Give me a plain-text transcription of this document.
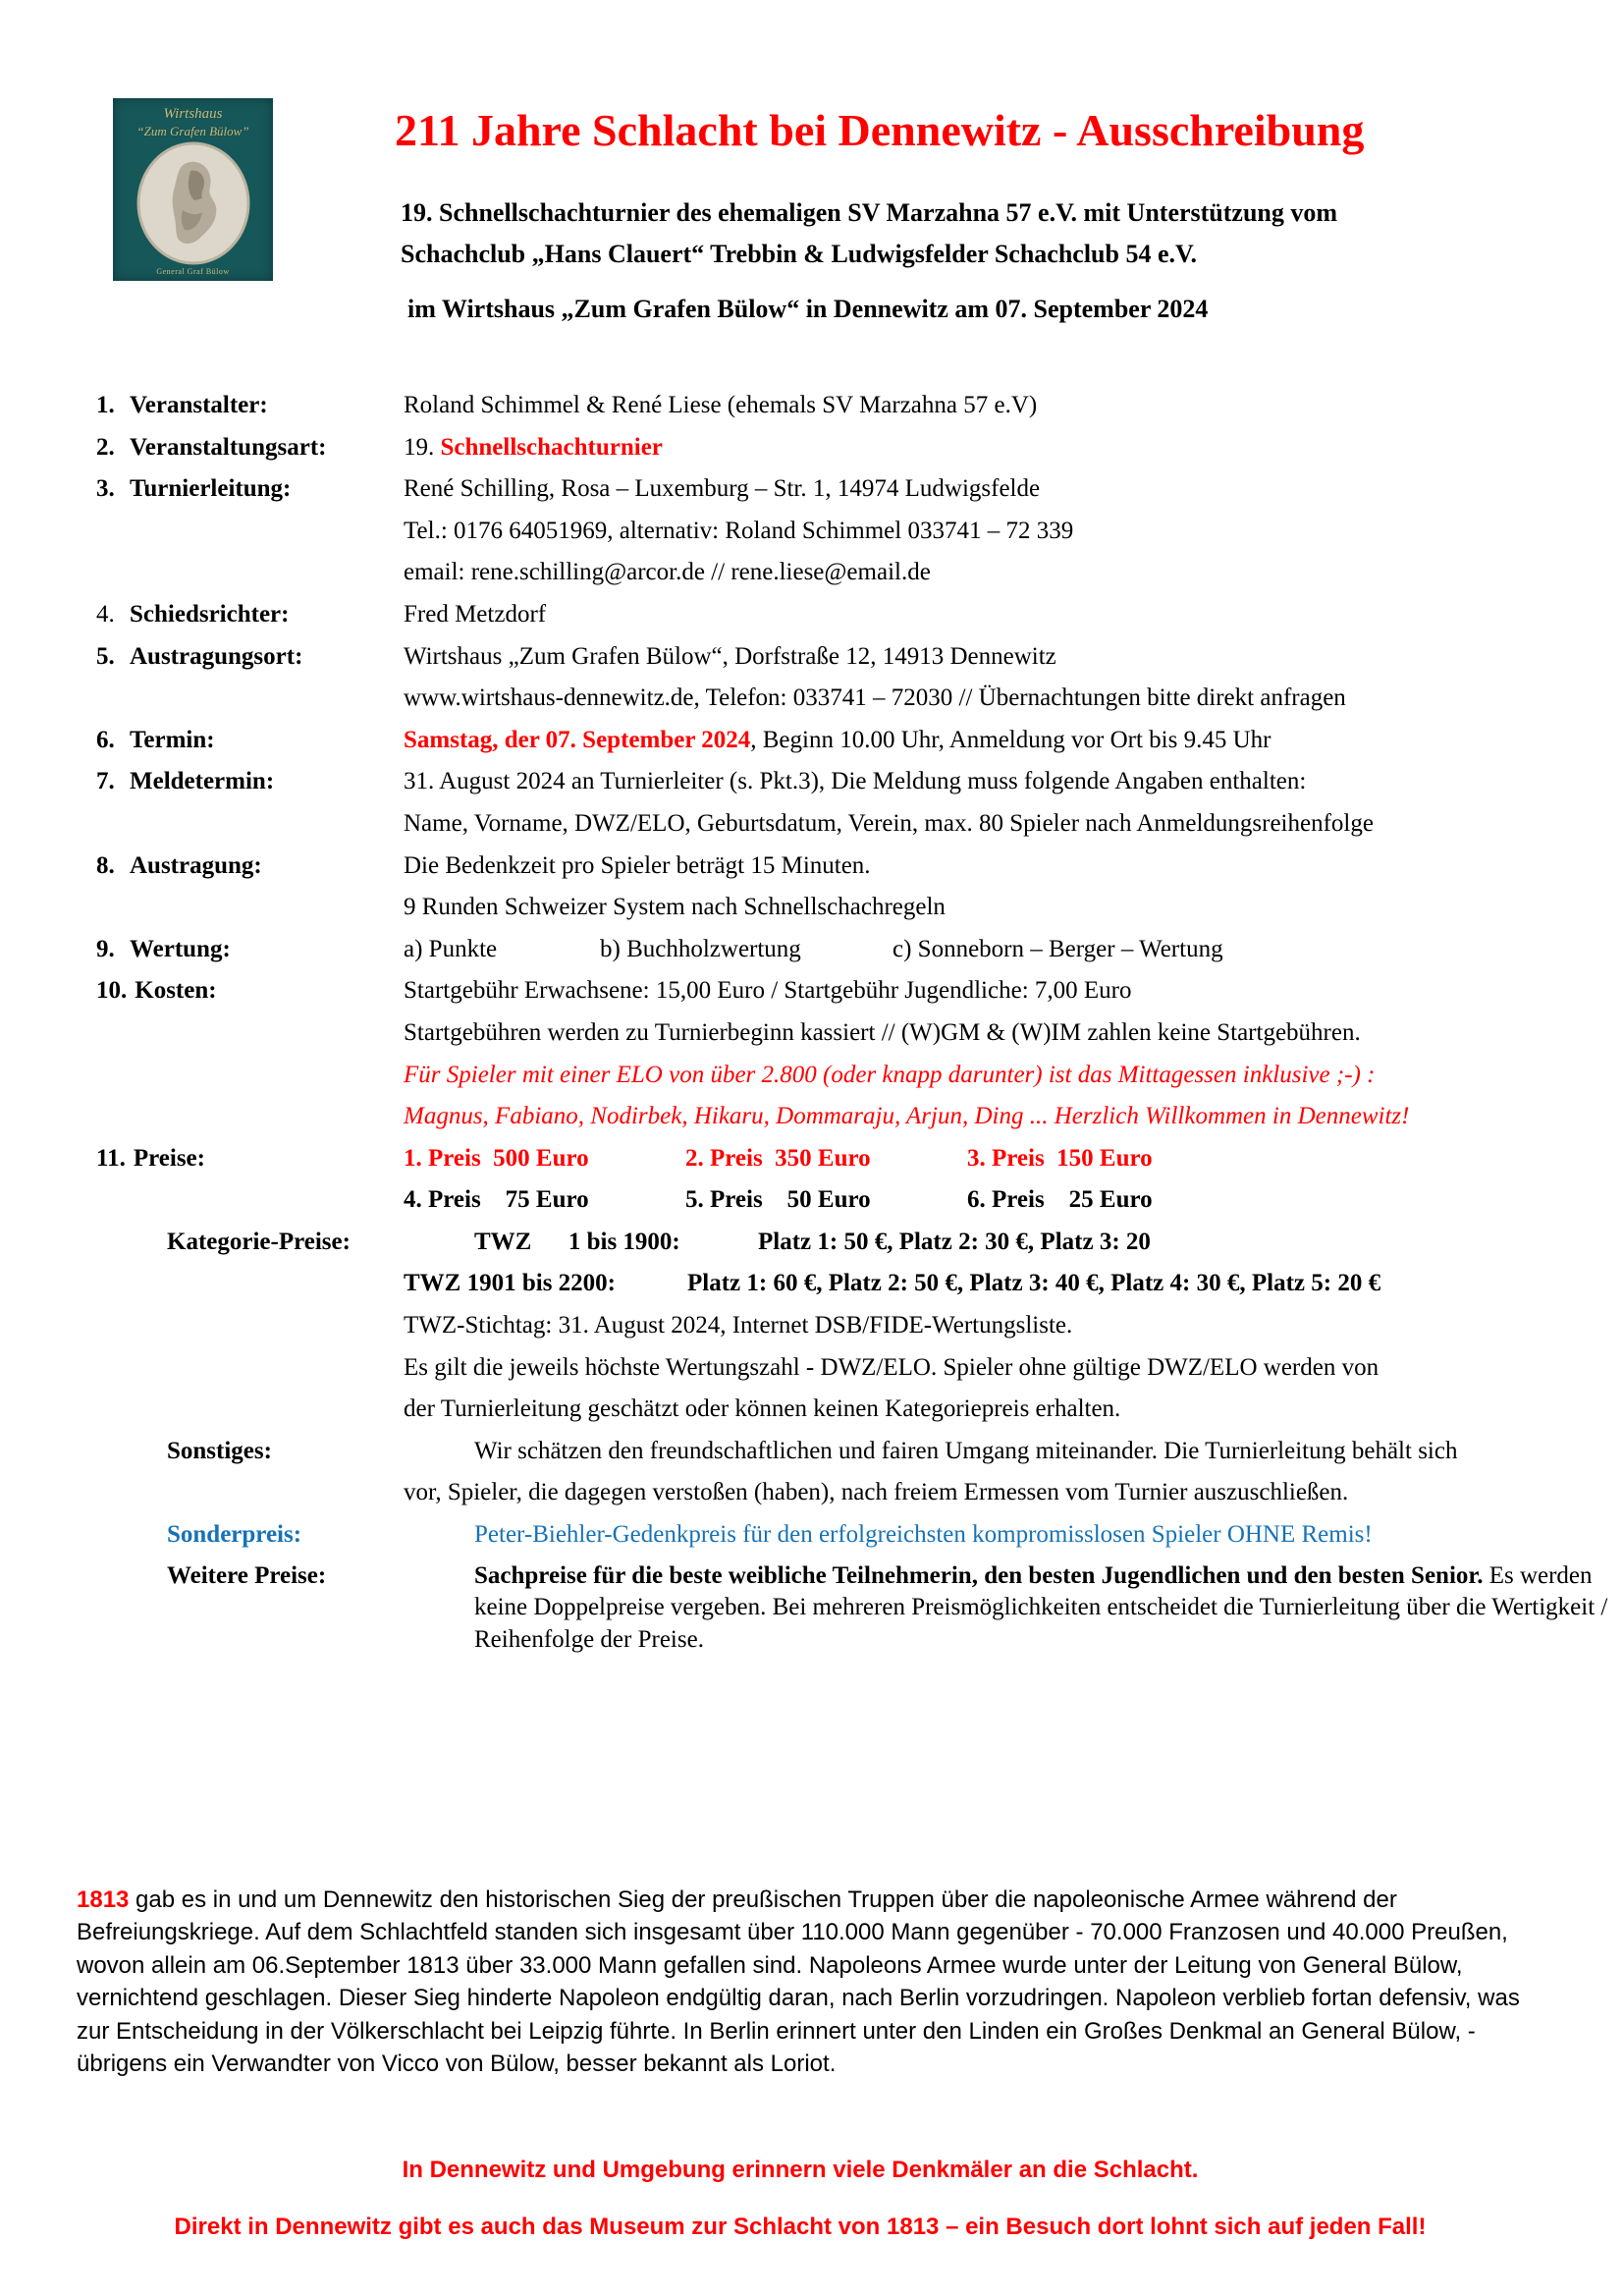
Wirtshaus
“Zum Grafen Bülow”
General Graf Bülow
211 Jahre Schlacht bei Dennewitz - Ausschreibung
19. Schnellschachturnier des ehemaligen SV Marzahna 57 e.V. mit Unterstützung vom
Schachclub „Hans Clauert“ Trebbin & Ludwigsfelder Schachclub 54 e.V.
im Wirtshaus „Zum Grafen Bülow“ in Dennewitz am 07. September 2024
1. Veranstalter:	Roland Schimmel & René Liese (ehemals SV Marzahna 57 e.V)
2. Veranstaltungsart:	19. Schnellschachturnier
3. Turnierleitung:	René Schilling, Rosa – Luxemburg – Str. 1, 14974 Ludwigsfelde
Tel.: 0176 64051969, alternativ: Roland Schimmel 033741 – 72 339
email: rene.schilling@arcor.de // rene.liese@email.de
4. Schiedsrichter:	Fred Metzdorf
5. Austragungsort:	Wirtshaus „Zum Grafen Bülow“, Dorfstraße 12, 14913 Dennewitz
www.wirtshaus-dennewitz.de, Telefon: 033741 – 72030 // Übernachtungen bitte direkt anfragen
6. Termin:	Samstag, der 07. September 2024, Beginn 10.00 Uhr, Anmeldung vor Ort bis 9.45 Uhr
7. Meldetermin:	31. August 2024 an Turnierleiter (s. Pkt.3), Die Meldung muss folgende Angaben enthalten:
Name, Vorname, DWZ/ELO, Geburtsdatum, Verein, max. 80 Spieler nach Anmeldungsreihenfolge
8. Austragung:	Die Bedenkzeit pro Spieler beträgt 15 Minuten.
9 Runden Schweizer System nach Schnellschachregeln
9. Wertung:	a) Punkte	b) Buchholzwertung	c) Sonneborn – Berger – Wertung
10. Kosten:	Startgebühr Erwachsene: 15,00 Euro / Startgebühr Jugendliche: 7,00 Euro
Startgebühren werden zu Turnierbeginn kassiert // (W)GM & (W)IM zahlen keine Startgebühren.
Für Spieler mit einer ELO von über 2.800 (oder knapp darunter) ist das Mittagessen inklusive ;-) :
Magnus, Fabiano, Nodirbek, Hikaru, Dommaraju, Arjun, Ding ... Herzlich Willkommen in Dennewitz!
11. Preise:	1. Preis  500 Euro	2. Preis  350 Euro	3. Preis  150 Euro
4. Preis    75 Euro	5. Preis    50 Euro	6. Preis    25 Euro
Kategorie-Preise:	TWZ      1 bis 1900:	Platz 1: 50 €, Platz 2: 30 €, Platz 3: 20
TWZ 1901 bis 2200:	Platz 1: 60 €, Platz 2: 50 €, Platz 3: 40 €, Platz 4: 30 €, Platz 5: 20 €
TWZ-Stichtag: 31. August 2024, Internet DSB/FIDE-Wertungsliste.
Es gilt die jeweils höchste Wertungszahl - DWZ/ELO. Spieler ohne gültige DWZ/ELO werden von
der Turnierleitung geschätzt oder können keinen Kategoriepreis erhalten.
Sonstiges:	Wir schätzen den freundschaftlichen und fairen Umgang miteinander. Die Turnierleitung behält sich
vor, Spieler, die dagegen verstoßen (haben), nach freiem Ermessen vom Turnier auszuschließen.
Sonderpreis:	Peter-Biehler-Gedenkpreis für den erfolgreichsten kompromisslosen Spieler OHNE Remis!
Weitere Preise:	Sachpreise für die beste weibliche Teilnehmerin, den besten Jugendlichen und den besten Senior. Es werden keine Doppelpreise vergeben. Bei mehreren Preismöglichkeiten entscheidet die Turnierleitung über die Wertigkeit / Reihenfolge der Preise.
1813 gab es in und um Dennewitz den historischen Sieg der preußischen Truppen über die napoleonische Armee während der Befreiungskriege. Auf dem Schlachtfeld standen sich insgesamt über 110.000 Mann gegenüber - 70.000 Franzosen und 40.000 Preußen, wovon allein am 06.September 1813 über 33.000 Mann gefallen sind. Napoleons Armee wurde unter der Leitung von General Bülow, vernichtend geschlagen. Dieser Sieg hinderte Napoleon endgültig daran, nach Berlin vorzudringen. Napoleon verblieb fortan defensiv, was zur Entscheidung in der Völkerschlacht bei Leipzig führte. In Berlin erinnert unter den Linden ein Großes Denkmal an General Bülow, - übrigens ein Verwandter von Vicco von Bülow, besser bekannt als Loriot.
In Dennewitz und Umgebung erinnern viele Denkmäler an die Schlacht.
Direkt in Dennewitz gibt es auch das Museum zur Schlacht von 1813 – ein Besuch dort lohnt sich auf jeden Fall!
